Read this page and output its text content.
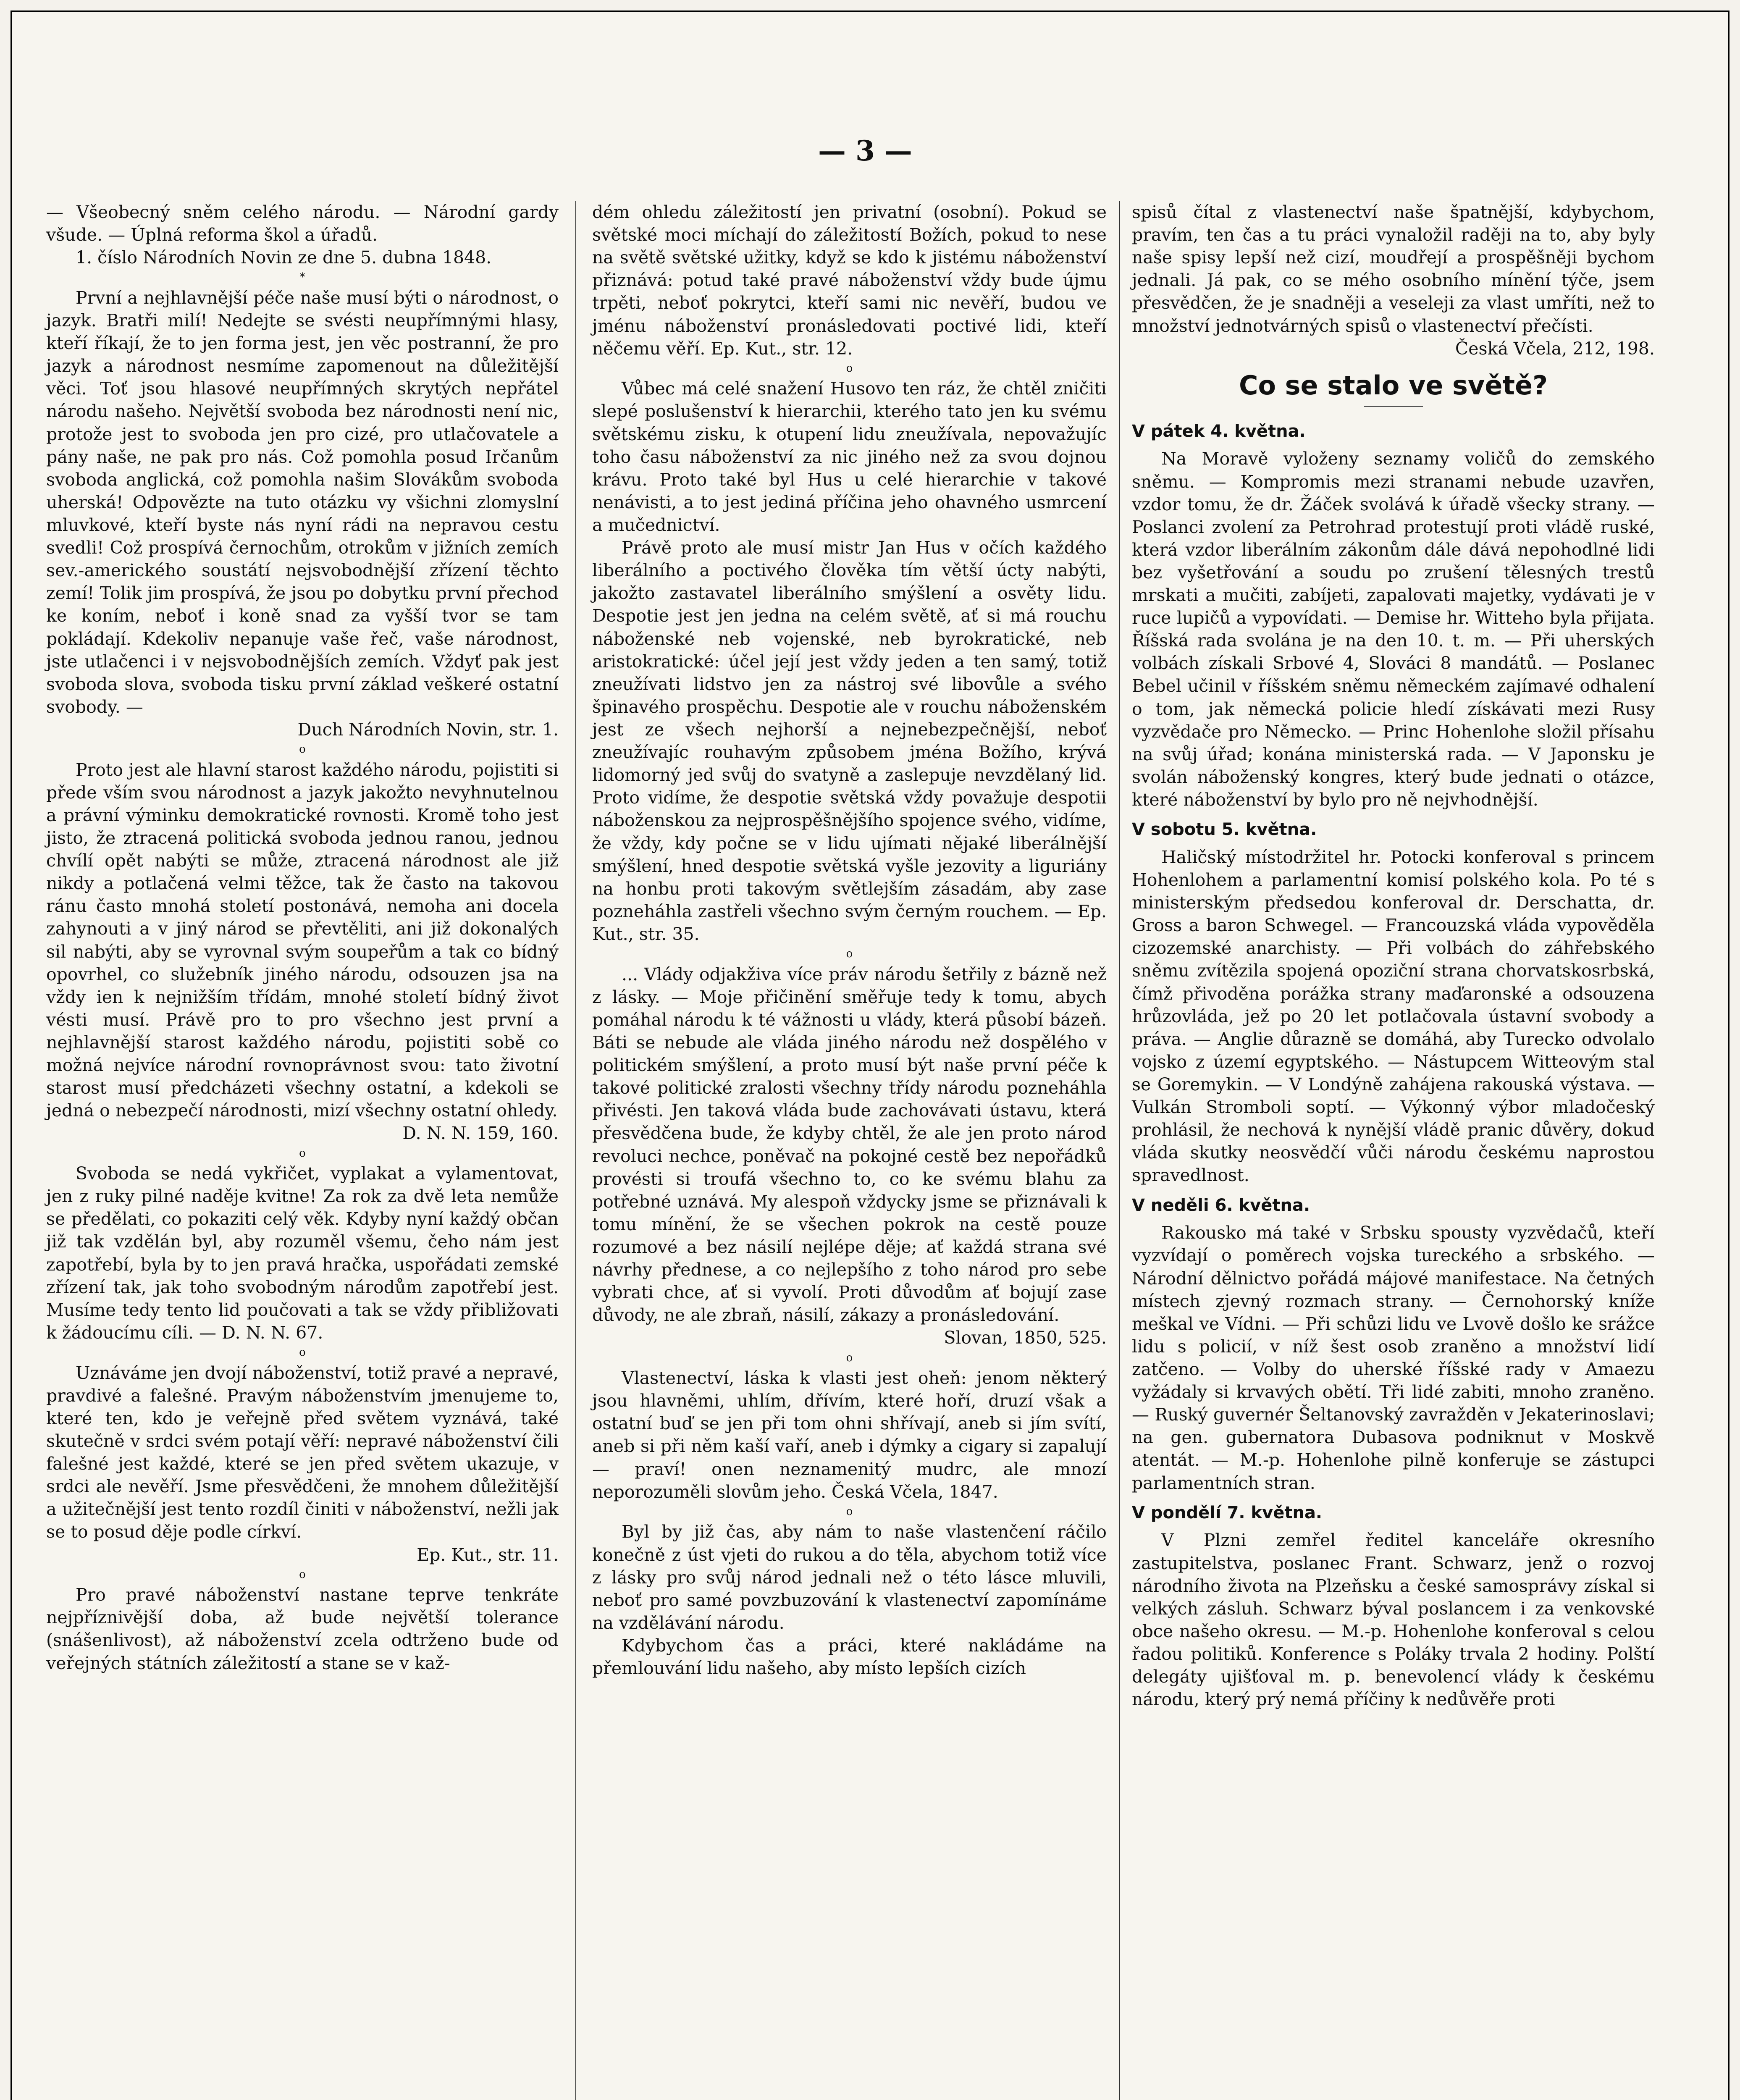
— 3 —

— Všeobecný sněm celého národu. — Národní gardy všude. — Úplná reforma škol a úřadů.

1. číslo Národních Novin ze dne 5. dubna 1848.

*

První a nejhlavnější péče naše musí býti o národnost, o jazyk. Bratři milí! Nedejte se svésti neupřímnými hlasy, kteří říkají, že to jen forma jest, jen věc postranní, že pro jazyk a národnost nesmíme zapomenout na důležitější věci. Toť jsou hlasové neupřímných skrytých nepřátel národu našeho. Největší svoboda bez národnosti není nic, protože jest to svoboda jen pro cizé, pro utlačovatele a pány naše, ne pak pro nás. Což pomohla posud Irčanům svoboda anglická, což pomohla našim Slovákům svoboda uherská! Odpovězte na tuto otázku vy všichni zlomyslní mluvkové, kteří byste nás nyní rádi na nepravou cestu svedli! Což prospívá černochům, otrokům v jižních zemích sev.-amerického soustátí nejsvobodnější zřízení těchto zemí! Tolik jim prospívá, že jsou po dobytku první přechod ke koním, neboť i koně snad za vyšší tvor se tam pokládají. Kdekoliv nepanuje vaše řeč, vaše národnost, jste utlačenci i v nejsvobodnějších zemích. Vždyť pak jest svoboda slova, svoboda tisku první základ veškeré ostatní svobody. —

Duch Národních Novin, str. 1.
o

Proto jest ale hlavní starost každého národu, pojistiti si přede vším svou národnost a jazyk jakožto nevyhnutelnou a právní výminku demokratické rovnosti. Kromě toho jest jisto, že ztracená politická svoboda jednou ranou, jednou chvílí opět nabýti se může, ztracená národnost ale již nikdy a potlačená velmi těžce, tak že často na takovou ránu často mnohá století postonává, nemoha ani docela zahynouti a v jiný národ se převtěliti, ani již dokonalých sil nabýti, aby se vyrovnal svým soupeřům a tak co bídný opovrhel, co služebník jiného národu, odsouzen jsa na vždy ien k nejnižším třídám, mnohé století bídný život vésti musí. Právě pro to pro všechno jest první a nejhlavnější starost každého národu, pojistiti sobě co možná nejvíce národní rovnoprávnost svou: tato životní starost musí předcházeti všechny ostatní, a kdekoli se jedná o nebezpečí národnosti, mizí všechny ostatní ohledy.

D. N. N. 159, 160.
o

Svoboda se nedá vykřičet, vyplakat a vylamentovat, jen z ruky pilné naděje kvitne! Za rok za dvě leta nemůže se předělati, co pokaziti celý věk. Kdyby nyní každý občan již tak vzdělán byl, aby rozuměl všemu, čeho nám jest zapotřebí, byla by to jen pravá hračka, uspořádati zemské zřízení tak, jak toho svobodným národům zapotřebí jest. Musíme tedy tento lid poučovati a tak se vždy přibližovati k žádoucímu cíli. — D. N. N. 67.

o

Uznáváme jen dvojí náboženství, totiž pravé a nepravé, pravdivé a falešné. Pravým náboženstvím jmenujeme to, které ten, kdo je veřejně před světem vyznává, také skutečně v srdci svém potají věří: nepravé náboženství čili falešné jest každé, které se jen před světem ukazuje, v srdci ale nevěří. Jsme přesvědčeni, že mnohem důležitější a užitečnější jest tento rozdíl činiti v náboženství, nežli jak se to posud děje podle církví.

Ep. Kut., str. 11.
o

Pro pravé náboženství nastane teprve tenkráte nejpříznivější doba, až bude největší tolerance (snášenlivost), až náboženství zcela odtrženo bude od veřejných státních záležitostí a stane se v kaž-

dém ohledu záležitostí jen privatní (osobní). Pokud se světské moci míchají do záležitostí Božích, pokud to nese na světě světské užitky, když se kdo k jistému náboženství přiznává: potud také pravé náboženství vždy bude újmu trpěti, neboť pokrytci, kteří sami nic nevěří, budou ve jménu náboženství pronásledovati poctivé lidi, kteří něčemu věří. Ep. Kut., str. 12.

o

Vůbec má celé snažení Husovo ten ráz, že chtěl zničiti slepé poslušenství k hierarchii, kterého tato jen ku svému světskému zisku, k otupení lidu zneužívala, nepovažujíc toho času náboženství za nic jiného než za svou dojnou krávu. Proto také byl Hus u celé hierarchie v takové nenávisti, a to jest jediná příčina jeho ohavného usmrcení a mučednictví.

Právě proto ale musí mistr Jan Hus v očích každého liberálního a poctivého člověka tím větší úcty nabýti, jakožto zastavatel liberálního smýšlení a osvěty lidu. Despotie jest jen jedna na celém světě, ať si má rouchu náboženské neb vojenské, neb byrokratické, neb aristokratické: účel její jest vždy jeden a ten samý, totiž zneužívati lidstvo jen za nástroj své libovůle a svého špinavého prospěchu. Despotie ale v rouchu náboženském jest ze všech nejhorší a nejnebezpečnější, neboť zneužívajíc rouhavým způsobem jména Božího, krývá lidomorný jed svůj do svatyně a zaslepuje nevzdělaný lid. Proto vidíme, že despotie světská vždy považuje despotii náboženskou za nejprospěšnějšího spojence svého, vidíme, že vždy, kdy počne se v lidu ujímati nějaké liberálnější smýšlení, hned despotie světská vyšle jezovity a liguriány na honbu proti takovým světlejším zásadám, aby zase pozneháhla zastřeli všechno svým černým rouchem. — Ep. Kut., str. 35.

o

... Vlády odjakživa více práv národu šetřily z bázně než z lásky. — Moje přičinění směřuje tedy k tomu, abych pomáhal národu k té vážnosti u vlády, která působí bázeň. Báti se nebude ale vláda jiného národu než dospělého v politickém smýšlení, a proto musí být naše první péče k takové politické zralosti všechny třídy národu pozneháhla přivésti. Jen taková vláda bude zachovávati ústavu, která přesvědčena bude, že kdyby chtěl, že ale jen proto národ revoluci nechce, poněvač na pokojné cestě bez nepořádků provésti si troufá všechno to, co ke svému blahu za potřebné uznává. My alespoň vždycky jsme se přiznávali k tomu mínění, že se všechen pokrok na cestě pouze rozumové a bez násilí nejlépe děje; ať každá strana své návrhy přednese, a co nejlepšího z toho národ pro sebe vybrati chce, ať si vyvolí. Proti důvodům ať bojují zase důvody, ne ale zbraň, násilí, zákazy a pronásledování.

Slovan, 1850, 525.
o

Vlastenectví, láska k vlasti jest oheň: jenom některý jsou hlavněmi, uhlím, dřívím, které hoří, druzí však a ostatní buď se jen při tom ohni shřívají, aneb si jím svítí, aneb si při něm kaší vaří, aneb i dýmky a cigary si zapalují — praví! onen neznamenitý mudrc, ale mnozí neporozuměli slovům jeho. Česká Včela, 1847.

o

Byl by již čas, aby nám to naše vlastenčení ráčilo konečně z úst vjeti do rukou a do těla, abychom totiž více z lásky pro svůj národ jednali než o této lásce mluvili, neboť pro samé povzbuzování k vlastenectví zapomínáme na vzdělávání národu.

Kdybychom čas a práci, které nakládáme na přemlouvání lidu našeho, aby místo lepších cizích

spisů čítal z vlastenectví naše špatnější, kdybychom, pravím, ten čas a tu práci vynaložil raději na to, aby byly naše spisy lepší než cizí, moudřejí a prospěšněji bychom jednali. Já pak, co se mého osobního mínění týče, jsem přesvědčen, že je snadněji a veseleji za vlast umříti, než to množství jednotvárných spisů o vlastenectví přečísti.

Česká Včela, 212, 198.
Co se stalo ve světě?
V pátek 4. května.

Na Moravě vyloženy seznamy voličů do zemského sněmu. — Kompromis mezi stranami nebude uzavřen, vzdor tomu, že dr. Žáček svolává k úřadě všecky strany. — Poslanci zvolení za Petrohrad protestují proti vládě ruské, která vzdor liberálním zákonům dále dává nepohodlné lidi bez vyšetřování a soudu po zrušení tělesných trestů mrskati a mučiti, zabíjeti, zapalovati majetky, vydávati je v ruce lupičů a vypovídati. — Demise hr. Witteho byla přijata. Říšská rada svolána je na den 10. t. m. — Při uherských volbách získali Srbové 4, Slováci 8 mandátů. — Poslanec Bebel učinil v říšském sněmu německém zajímavé odhalení o tom, jak německá policie hledí získávati mezi Rusy vyzvědače pro Německo. — Princ Hohenlohe složil přísahu na svůj úřad; konána ministerská rada. — V Japonsku je svolán náboženský kongres, který bude jednati o otázce, které náboženství by bylo pro ně nejvhodnější.

V sobotu 5. května.

Haličský místodržitel hr. Potocki konferoval s princem Hohenlohem a parlamentní komisí polského kola. Po té s ministerským předsedou konferoval dr. Derschatta, dr. Gross a baron Schwegel. — Francouzská vláda vypověděla cizozemské anarchisty. — Při volbách do záhřebského sněmu zvítězila spojená opoziční strana chorvatskosrbská, čímž přivoděna porážka strany maďaronské a odsouzena hrůzovláda, jež po 20 let potlačovala ústavní svobody a práva. — Anglie důrazně se domáhá, aby Turecko odvolalo vojsko z území egyptského. — Nástupcem Witteovým stal se Goremykin. — V Londýně zahájena rakouská výstava. — Vulkán Stromboli soptí. — Výkonný výbor mladočeský prohlásil, že nechová k nynější vládě pranic důvěry, dokud vláda skutky neosvědčí vůči národu českému naprostou spravedlnost.

V neděli 6. května.

Rakousko má také v Srbsku spousty vyzvědačů, kteří vyzvídají o poměrech vojska tureckého a srbského. — Národní dělnictvo pořádá májové manifestace. Na četných místech zjevný rozmach strany. — Černohorský kníže meškal ve Vídni. — Při schůzi lidu ve Lvově došlo ke srážce lidu s policií, v níž šest osob zraněno a množství lidí zatčeno. — Volby do uherské říšské rady v Amaezu vyžádaly si krvavých obětí. Tři lidé zabiti, mnoho zraněno. — Ruský guvernér Šeltanovský zavražděn v Jekaterinoslavi; na gen. gubernatora Dubasova podniknut v Moskvě atentát. — M.-p. Hohenlohe pilně konferuje se zástupci parlamentních stran.

V pondělí 7. května.

V Plzni zemřel ředitel kanceláře okresního zastupitelstva, poslanec Frant. Schwarz, jenž o rozvoj národního života na Plzeňsku a české samosprávy získal si velkých zásluh. Schwarz býval poslancem i za venkovské obce našeho okresu. — M.-p. Hohenlohe konferoval s celou řadou politiků. Konference s Poláky trvala 2 hodiny. Polští delegáty ujišťoval m. p. benevolencí vlády k českému národu, který prý nemá příčiny k nedůvěře proti
